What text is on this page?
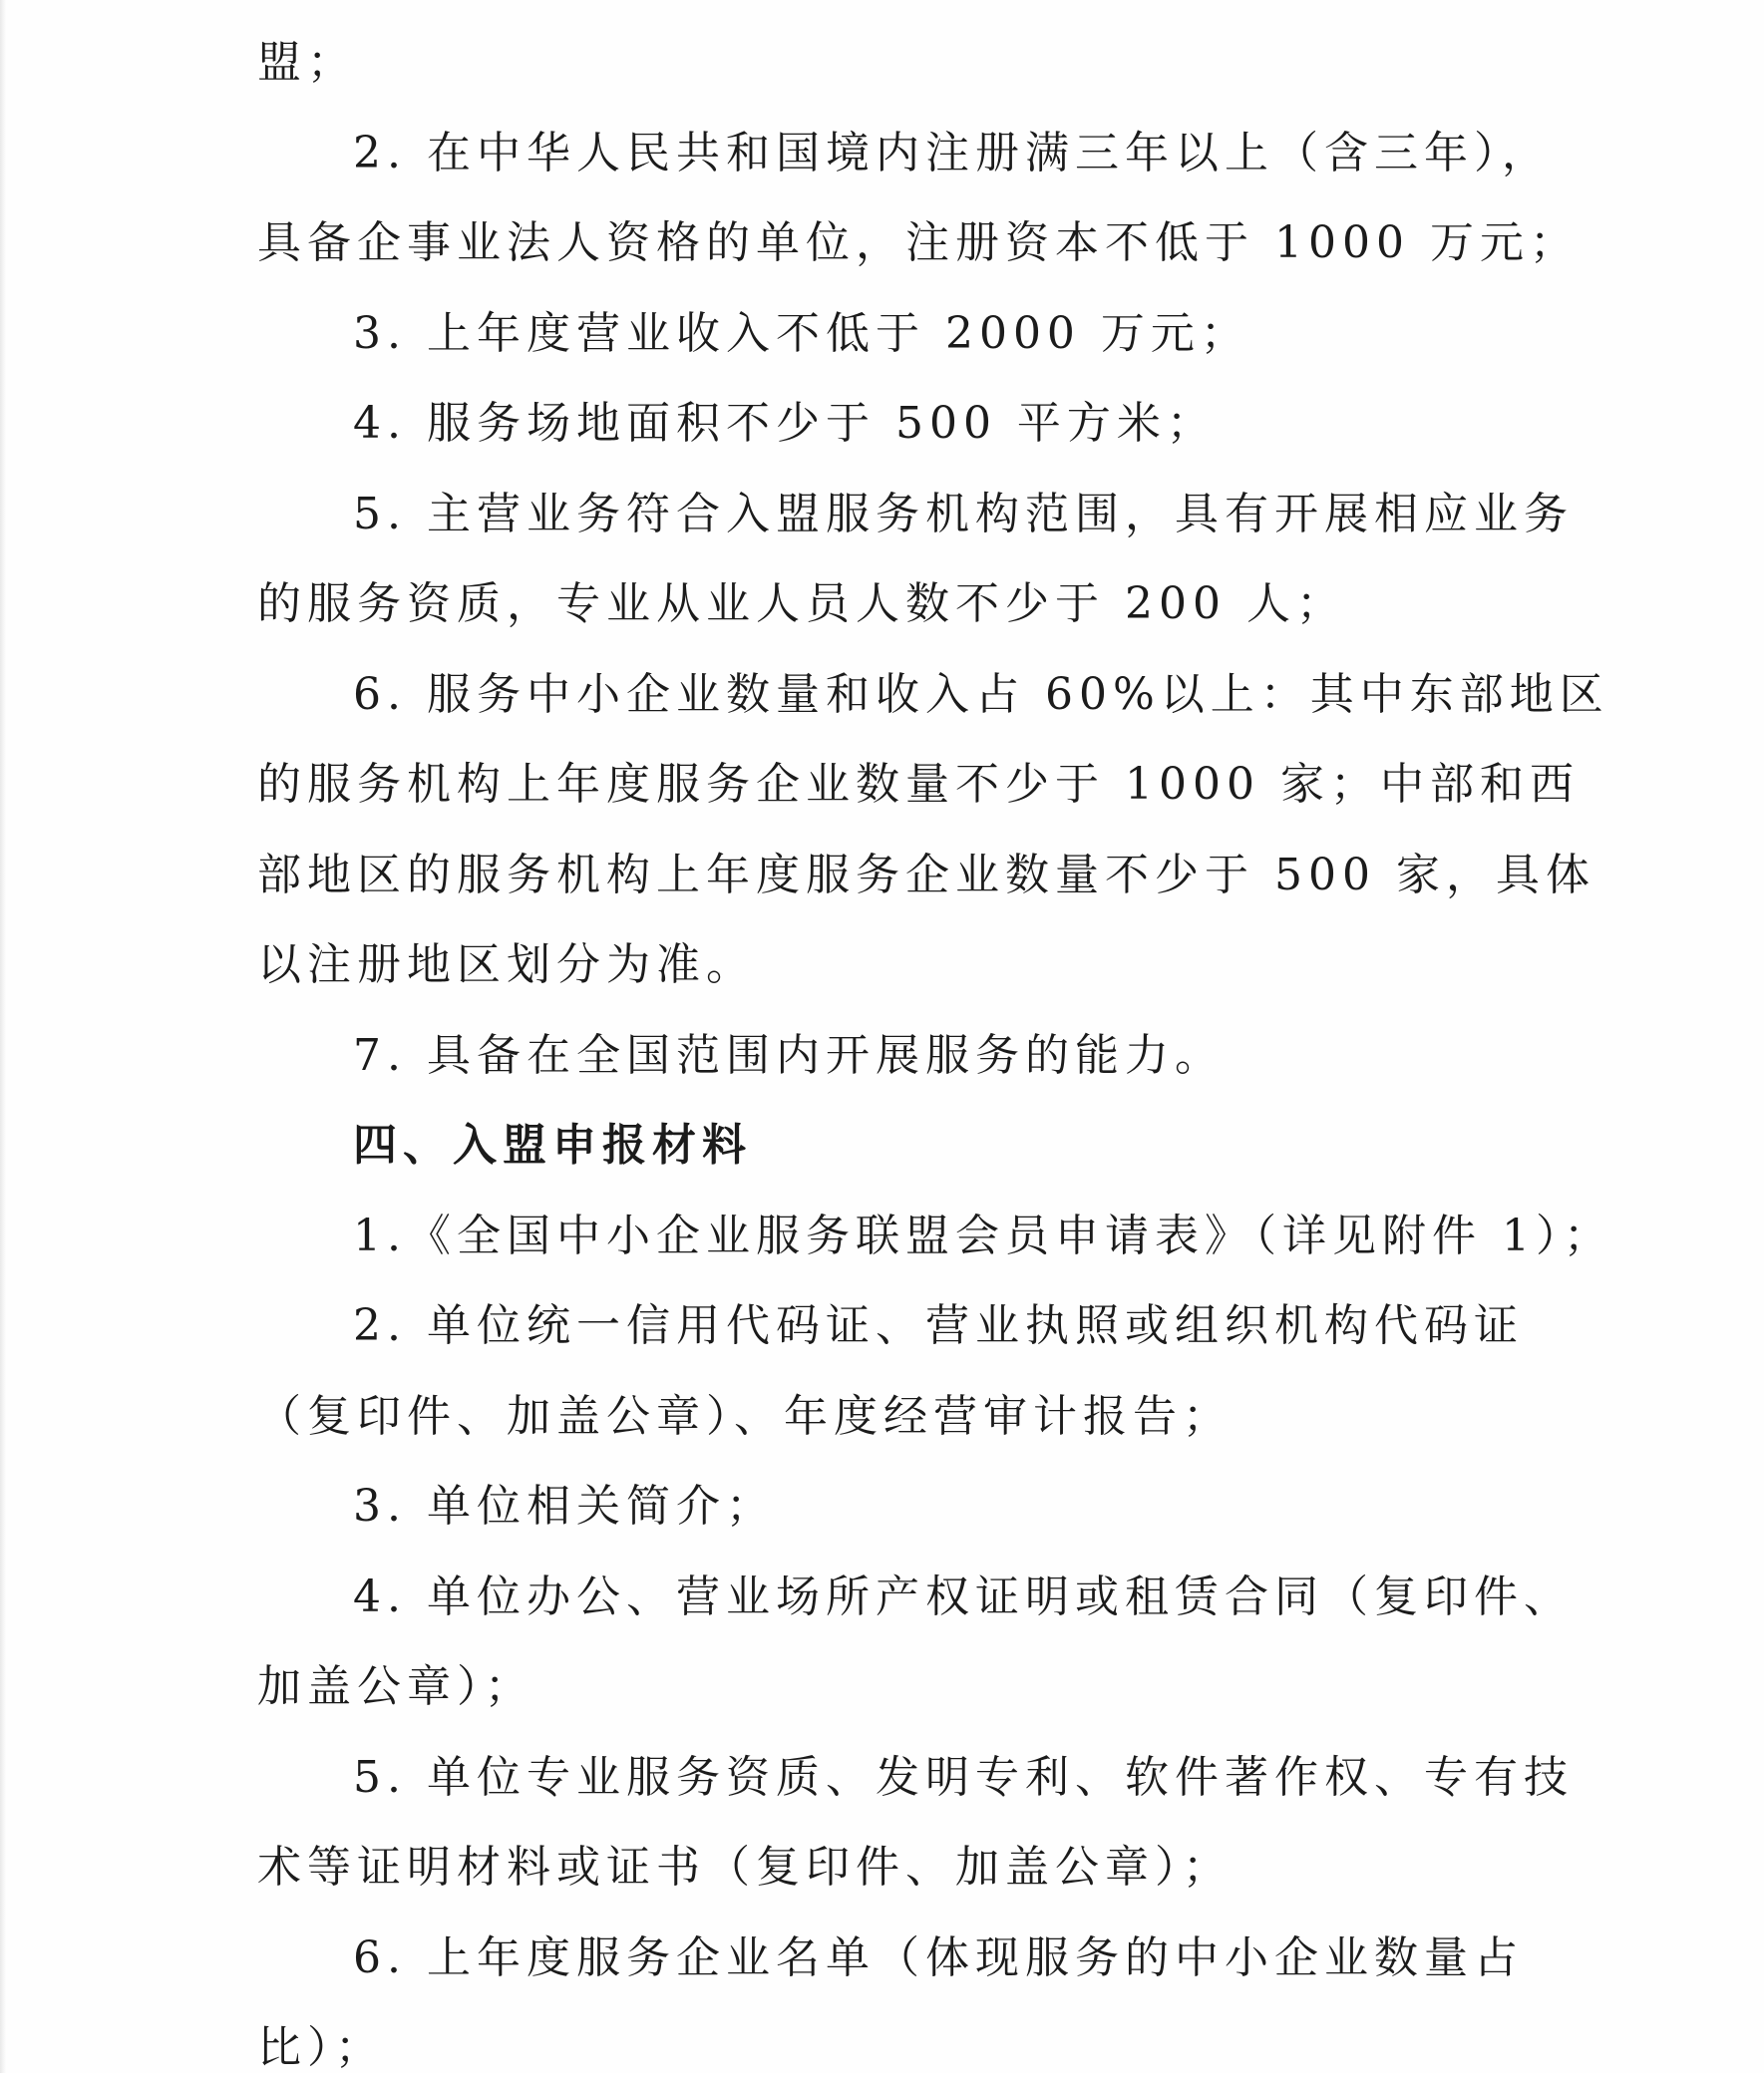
盟；
2. 在中华人民共和国境内注册满三年以上（含三年），
具备企事业法人资格的单位，注册资本不低于 1000 万元；
3. 上年度营业收入不低于 2000 万元；
4. 服务场地面积不少于 500 平方米；
5. 主营业务符合入盟服务机构范围，具有开展相应业务
的服务资质，专业从业人员人数不少于 200 人；
6. 服务中小企业数量和收入占 60%以上：其中东部地区
的服务机构上年度服务企业数量不少于 1000 家；中部和西
部地区的服务机构上年度服务企业数量不少于 500 家，具体
以注册地区划分为准。
7. 具备在全国范围内开展服务的能力。
四、入盟申报材料
1.《全国中小企业服务联盟会员申请表》（详见附件 1）；
2. 单位统一信用代码证、营业执照或组织机构代码证
（复印件、加盖公章）、年度经营审计报告；
3. 单位相关简介；
4. 单位办公、营业场所产权证明或租赁合同（复印件、
加盖公章）；
5. 单位专业服务资质、发明专利、软件著作权、专有技
术等证明材料或证书（复印件、加盖公章）；
6. 上年度服务企业名单（体现服务的中小企业数量占
比）；
